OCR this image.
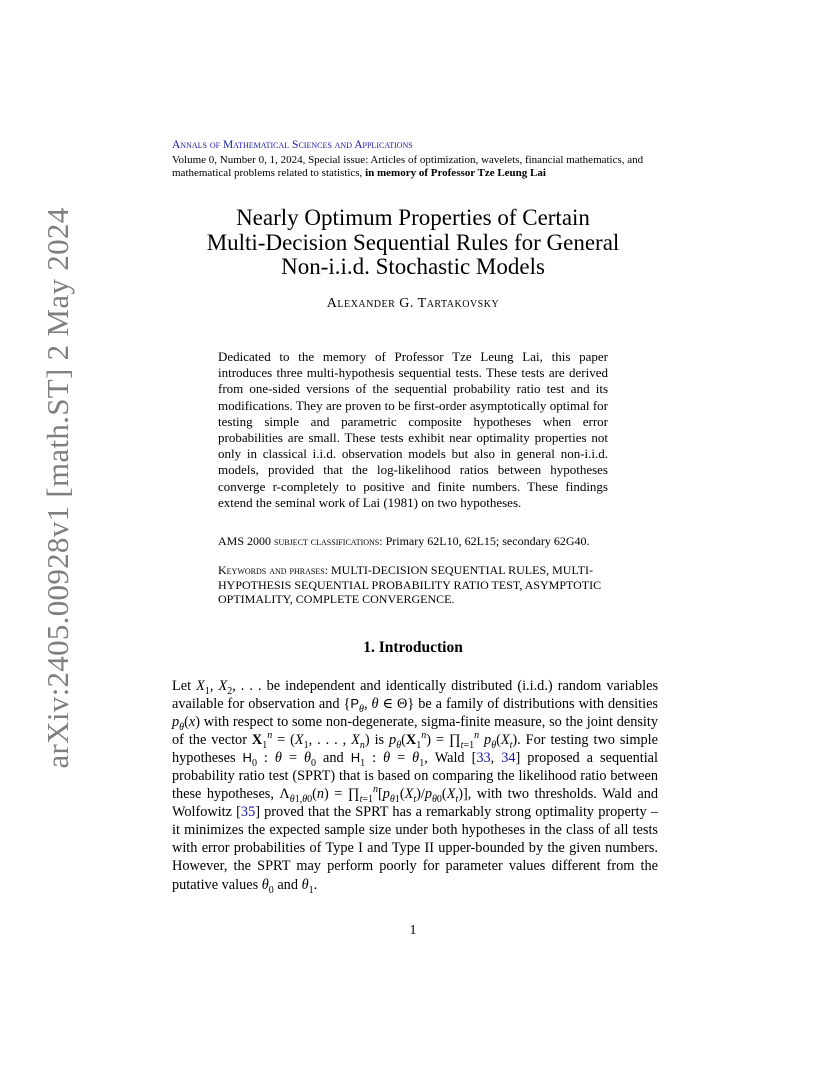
arXiv:2405.00928v1 [math.ST] 2 May 2024
Annals of Mathematical Sciences and Applications
Volume 0, Number 0, 1, 2024, Special issue: Articles of optimization, wavelets, financial mathematics, and mathematical problems related to statistics, in memory of Professor Tze Leung Lai
Nearly Optimum Properties of Certain
Multi-Decision Sequential Rules for General
Non-i.i.d. Stochastic Models
Alexander G. Tartakovsky

Dedicated to the memory of Professor Tze Leung Lai, this paper introduces three multi-hypothesis sequential tests. These tests are derived from one-sided versions of the sequential probability ratio test and its modifications. They are proven to be first-order asymptotically optimal for testing simple and parametric composite hypotheses when error probabilities are small. These tests exhibit near optimality properties not only in classical i.i.d. observation models but also in general non-i.i.d. models, provided that the log-likelihood ratios between hypotheses converge r-completely to positive and finite numbers. These findings extend the seminal work of Lai (1981) on two hypotheses.

AMS 2000 subject classifications: Primary 62L10, 62L15; secondary 62G40.
Keywords and phrases: MULTI-DECISION SEQUENTIAL RULES, MULTI-HYPOTHESIS SEQUENTIAL PROBABILITY RATIO TEST, ASYMPTOTIC OPTIMALITY, COMPLETE CONVERGENCE.
1. Introduction

Let $X_1$, $X_2$, . . . be independent and identically distributed (i.i.d.) random variables available for observation and {$P_\theta$, θ ∈ Θ} be a family of distributions with densities $p_\theta(x)$ with respect to some non-degenerate, sigma-finite measure, so the joint density of the vector $X_1^n = (X_1$, . . . , $X_n$) is $p_\theta(X_1^n)$ = $\prod_{t=1}^n$ $p_\theta(X_t)$. For testing two simple hypotheses $H_0$ : $\theta = \theta_0$ and $H_1$ : $\theta = \theta_1$, Wald [33, 34] proposed a sequential probability ratio test (SPRT) that is based on comparing the likelihood ratio between these hypotheses, $\Lambda_{\theta 1,\theta 0}(n)$ = $\prod_{t=1}^n[p_{\theta 1}(X_t)/p_{\theta 0}(X_t)]$, with two thresholds. Wald and Wolfowitz [35] proved that the SPRT has a remarkably strong optimality property – it minimizes the expected sample size under both hypotheses in the class of all tests with error probabilities of Type I and Type II upper-bounded by the given numbers. However, the SPRT may perform poorly for parameter values different from the putative values $\theta_0$ and $\theta_1$.

1
